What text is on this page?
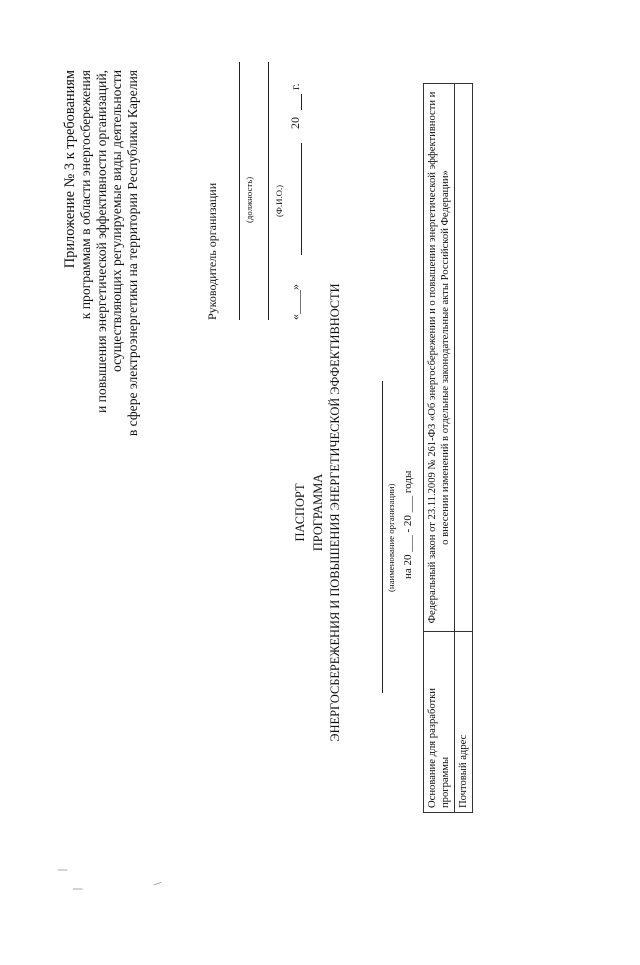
Приложение № 3 к требованиям к программам в области энергосбережения и повышения энергетической эффективности организаций, осуществляющих регулируемые виды деятельности в сфере электроэнергетики на территории Республики Карелия	Руководитель организации	(должность) (Ф.И.О.)
«____»
20
г.
ПАСПОРТ ПРОГРАММА ЭНЕРГОСБЕРЕЖЕНИЯ И ПОВЫШЕНИЯ ЭНЕРГЕТИЧЕСКОЙ ЭФФЕКТИВНОСТИ	(наименование организации) на 20 ___ - 20 ___ годы
Основание для разработки программы	Федеральный закон от 23.11.2009 № 261-ФЗ «Об энергосбережении и о повышении энергетической эффективности и о внесении изменений в отдельные законодательные акты Российской Федерации»
Почтовый адрес	
|
|
\
